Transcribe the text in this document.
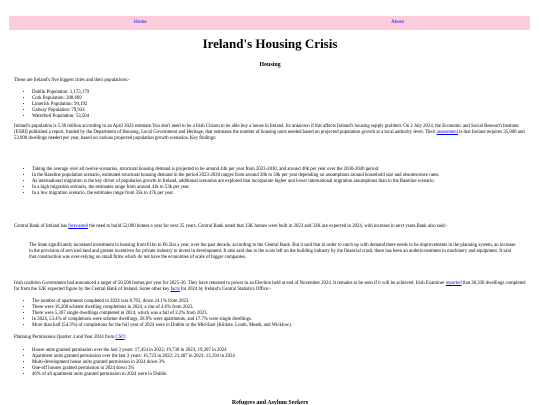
Home	About
Ireland's Housing Crisis
Housing

These are Ireland's five biggest cities and their populations:-

• Dublin Population: 1,173,179
• Cork Population: 208,669
• Limerick Population: 94,192
• Galway Population: 79,934
• Waterford Population: 53,504

Ireland's population is 5.38 million according to an April 2024 estimate.You don't need to be a Irish Citizen to be able buy a house in Ireland. Its unknown if this affects Ireland's housing supply problem. On 2 July 2024, the Economic and Social Research Institute (ESRI) published a report, funded by the Department of Housing, Local Government and Heritage, that estimates the number of housing units needed based on projected population growth at a local authority level. Their assessment is that Ireland requires 35,000 and 53,000 dwellings needed per year, based on various projected population growth scenarios. Key findings:

• Taking the average over all twelve scenarios, structural housing demand is projected to be around 44k per year from 2023-2030, and around 40k per year over the 2030-2040 period.
• In the Baseline population scenario, estimated structural housing demand in the period 2023-2030 ranges from around 38k to 50k per year depending on assumptions around household size and obsolescence rates.
• As international migration is the key driver of population growth in Ireland, additional scenarios are explored that incorporate higher and lower international migration assumptions than in the Baseline scenario.
• In a high migration scenario, the estimates range from around 41k to 53k per year.
• In a low migration scenario, the estimates range from 35k to 47k per year.

Central Bank of Ireland has forecasted the need to build 52,000 homes a year for next 25 years. Central Bank noted that 33K homes were built in 2023 and 32K are expected in 2024, with increase in next years.Bank also said:-

The State significantly increased investment in housing from €1bn to €6.5bn a year, over the past decade, according to the Central Bank. But it said that in order to catch up with demand there needs to be improvements in the planning system, an increase in the provision of serviced land and greater incentives for private industry to invest in development. It also said due to the scars left on the building industry by the financial crash, there has been an underinvestment in machinery and equipment. It said that construction was over-relying on small firms which do not have the economies of scale of bigger companies.

Irish coalition Government had announced a target of 50,500 homes per year for 2025-30. They have returned to power in an Election held at end of November 2024. It remains to be seen if it will be achieved. Irish Examiner reported that 30,330 dwellings completed far from the 32K expected figure by the Central Bank of Ireland. Some other key facts for 2024 by Ireland's Central Statistics Office:-

• The number of apartments completed in 2024 was 8,763, down 24.1% from 2023.
• There were 16,200 scheme dwelling completions in 2024, a rise of 4.6% from 2023.
• There were 5,367 single dwellings completed in 2024, which was a fall of 2.2% from 2023.
• In 2024, 53.4% of completions were scheme dwellings, 28.9% were apartments, and 17.7% were single dwellings.
• More than half (54.3%) of completions for the full year of 2024 were in Dublin or the Mid-East (Kildare, Louth, Meath, and Wicklow).

Planning Permissions Quarter 4 and Year 2024 from CSO:

• House units granted permission over the last 3 years: 17,454 in 2022; 19,738 in 2023; 19,207 in 2024
• Apartment units granted permission over the last 3 years: 16,723 in 2022; 21,487 in 2023; 13,194 in 2024
• Multi-development house units granted permission in 2024 down 3%
• One-off houses granted permission in 2024 down 3%
• 46% of all apartment units granted permission in 2024 were in Dublin
Refugees and Asylum Seekers
